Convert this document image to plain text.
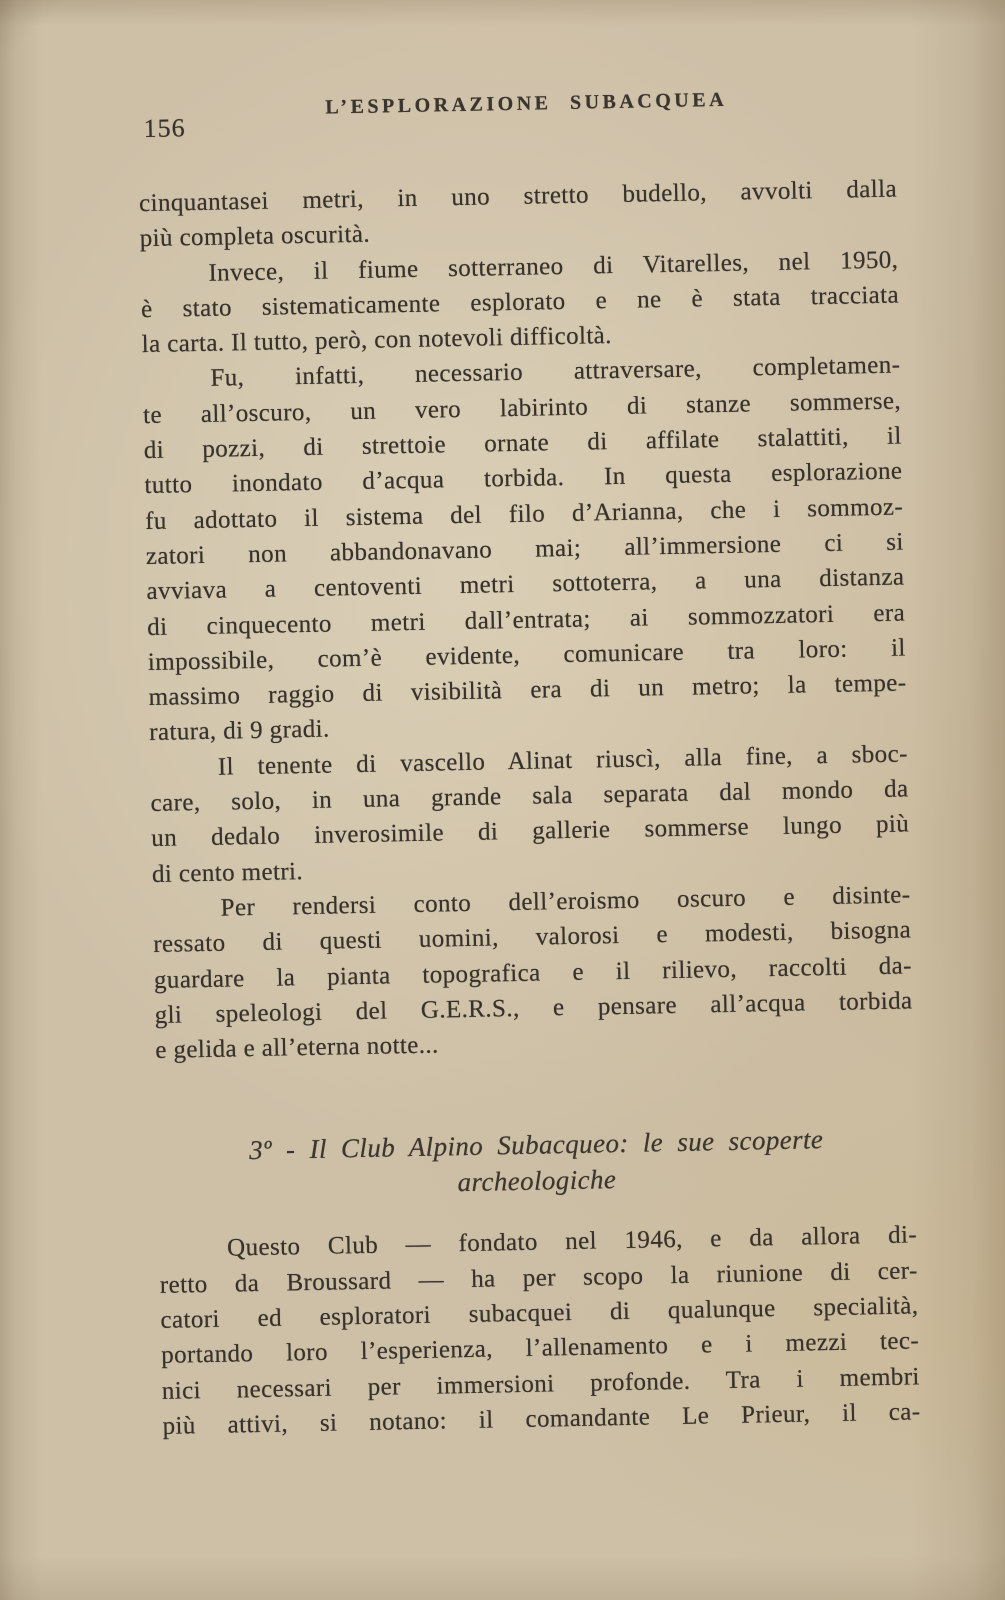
156
L’ESPLORAZIONE SUBACQUEA
cinquantasei metri, in uno stretto budello, avvolti dalla
più completa oscurità.
Invece, il fiume sotterraneo di Vitarelles, nel 1950,
è stato sistematicamente esplorato e ne è stata tracciata
la carta. Il tutto, però, con notevoli difficoltà.
Fu, infatti, necessario attraversare, completamen-
te all’oscuro, un vero labirinto di stanze sommerse,
di pozzi, di strettoie ornate di affilate stalattiti, il
tutto inondato d’acqua torbida. In questa esplorazione
fu adottato il sistema del filo d’Arianna, che i sommoz-
zatori non abbandonavano mai; all’immersione ci si
avviava a centoventi metri sottoterra, a una distanza
di cinquecento metri dall’entrata; ai sommozzatori era
impossibile, com’è evidente, comunicare tra loro: il
massimo raggio di visibilità era di un metro; la tempe-
ratura, di 9 gradi.
Il tenente di vascello Alinat riuscì, alla fine, a sboc-
care, solo, in una grande sala separata dal mondo da
un dedalo inverosimile di gallerie sommerse lungo più
di cento metri.
Per rendersi conto dell’eroismo oscuro e disinte-
ressato di questi uomini, valorosi e modesti, bisogna
guardare la pianta topografica e il rilievo, raccolti da-
gli speleologi del G.E.R.S., e pensare all’acqua torbida
e gelida e all’eterna notte...
3º - Il Club Alpino Subacqueo: le sue scoperte
archeologiche
Questo Club — fondato nel 1946, e da allora di-
retto da Broussard — ha per scopo la riunione di cer-
catori ed esploratori subacquei di qualunque specialità,
portando loro l’esperienza, l’allenamento e i mezzi tec-
nici necessari per immersioni profonde. Tra i membri
più attivi, si notano: il comandante Le Prieur, il ca-
